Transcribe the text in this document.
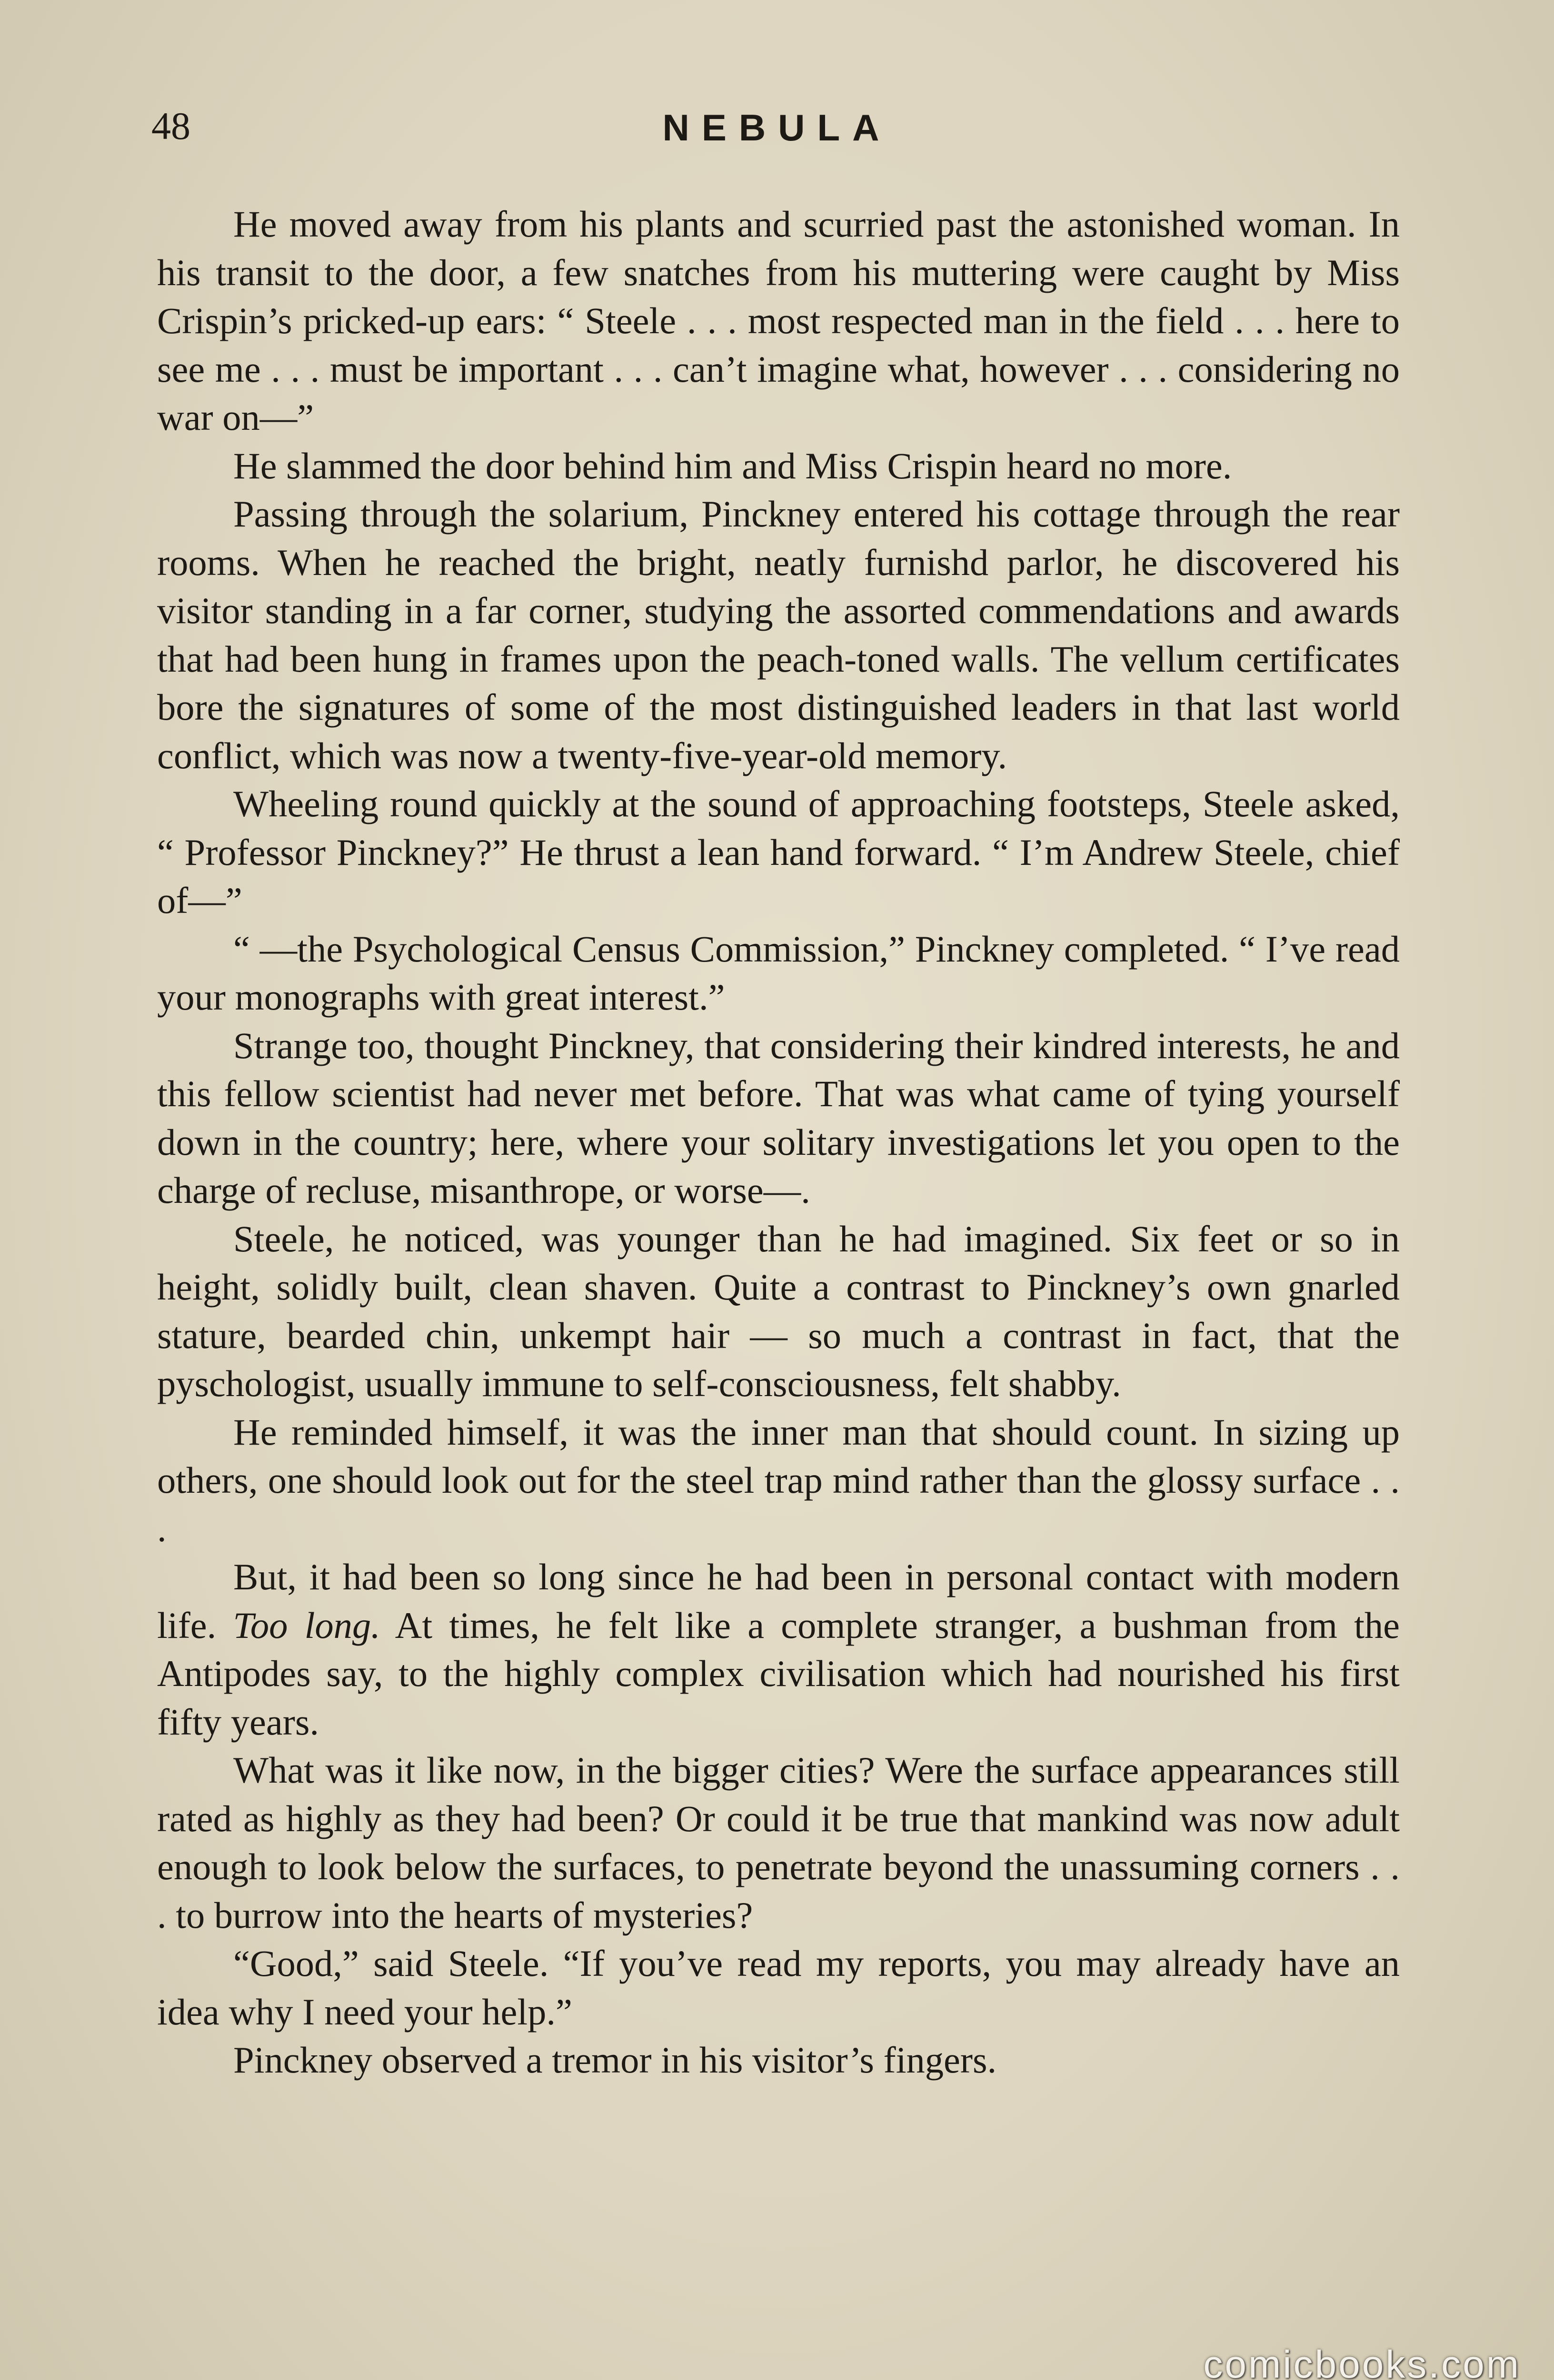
48	NEBULA

He moved away from his plants and scurried past the astonished woman. In his transit to the door, a few snatches from his muttering were caught by Miss Crispin’s pricked-up ears: “ Steele . . . most respected man in the field . . . here to see me . . . must be important . . . can’t imagine what, however . . . considering no war on—”

He slammed the door behind him and Miss Crispin heard no more.

Passing through the solarium, Pinckney entered his cottage through the rear rooms. When he reached the bright, neatly furnishd parlor, he discovered his visitor standing in a far corner, studying the assorted commendations and awards that had been hung in frames upon the peach-toned walls. The vellum certificates bore the signatures of some of the most distinguished leaders in that last world conflict, which was now a twenty-five-year-old memory.

Wheeling round quickly at the sound of approaching footsteps, Steele asked, “ Professor Pinckney?” He thrust a lean hand forward. “ I’m Andrew Steele, chief of—”

“ —the Psychological Census Commission,” Pinckney completed. “ I’ve read your monographs with great interest.”

Strange too, thought Pinckney, that considering their kindred interests, he and this fellow scientist had never met before. That was what came of tying yourself down in the country; here, where your solitary investigations let you open to the charge of recluse, misanthrope, or worse—.

Steele, he noticed, was younger than he had imagined. Six feet or so in height, solidly built, clean shaven. Quite a contrast to Pinckney’s own gnarled stature, bearded chin, unkempt hair — so much a contrast in fact, that the pyschologist, usually immune to self-consciousness, felt shabby.

He reminded himself, it was the inner man that should count. In sizing up others, one should look out for the steel trap mind rather than the glossy surface . . .

But, it had been so long since he had been in personal contact with modern life. Too long. At times, he felt like a complete stranger, a bushman from the Antipodes say, to the highly complex civilisation which had nourished his first fifty years.

What was it like now, in the bigger cities? Were the surface appearances still rated as highly as they had been? Or could it be true that mankind was now adult enough to look below the surfaces, to penetrate beyond the unassuming corners . . . to burrow into the hearts of mysteries?

“Good,” said Steele. “If you’ve read my reports, you may already have an idea why I need your help.”

Pinckney observed a tremor in his visitor’s fingers.

comicbooks.com
